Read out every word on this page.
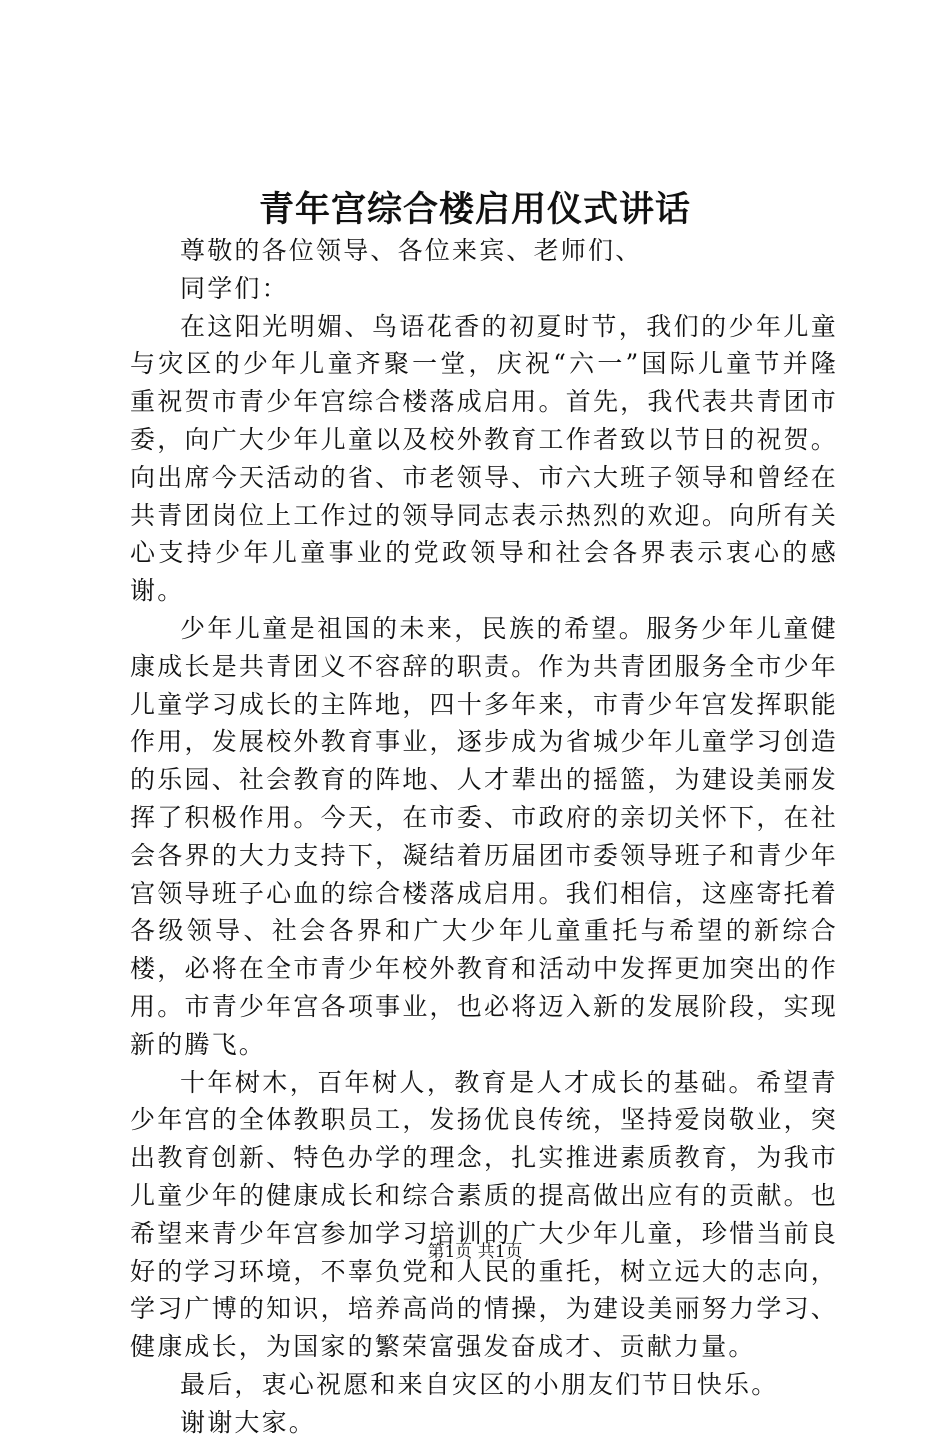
青年宫综合楼启用仪式讲话

尊敬的各位领导、各位来宾、老师们、

同学们：

在这阳光明媚、鸟语花香的初夏时节，我们的少年儿童与灾区的少年儿童齐聚一堂，庆祝“六一”国际儿童节并隆重祝贺市青少年宫综合楼落成启用。首先，我代表共青团市委，向广大少年儿童以及校外教育工作者致以节日的祝贺。向出席今天活动的省、市老领导、市六大班子领导和曾经在共青团岗位上工作过的领导同志表示热烈的欢迎。向所有关心支持少年儿童事业的党政领导和社会各界表示衷心的感谢。

少年儿童是祖国的未来，民族的希望。服务少年儿童健康成长是共青团义不容辞的职责。作为共青团服务全市少年儿童学习成长的主阵地，四十多年来，市青少年宫发挥职能作用，发展校外教育事业，逐步成为省城少年儿童学习创造的乐园、社会教育的阵地、人才辈出的摇篮，为建设美丽发挥了积极作用。今天，在市委、市政府的亲切关怀下，在社会各界的大力支持下，凝结着历届团市委领导班子和青少年宫领导班子心血的综合楼落成启用。我们相信，这座寄托着各级领导、社会各界和广大少年儿童重托与希望的新综合楼，必将在全市青少年校外教育和活动中发挥更加突出的作用。市青少年宫各项事业，也必将迈入新的发展阶段，实现新的腾飞。

十年树木，百年树人，教育是人才成长的基础。希望青少年宫的全体教职员工，发扬优良传统，坚持爱岗敬业，突出教育创新、特色办学的理念，扎实推进素质教育，为我市儿童少年的健康成长和综合素质的提高做出应有的贡献。也希望来青少年宫参加学习培训的广大少年儿童，珍惜当前良好的学习环境，不辜负党和人民的重托，树立远大的志向，学习广博的知识，培养高尚的情操，为建设美丽努力学习、健康成长，为国家的繁荣富强发奋成才、贡献力量。

最后，衷心祝愿和来自灾区的小朋友们节日快乐。

谢谢大家。

第1页 共1页
